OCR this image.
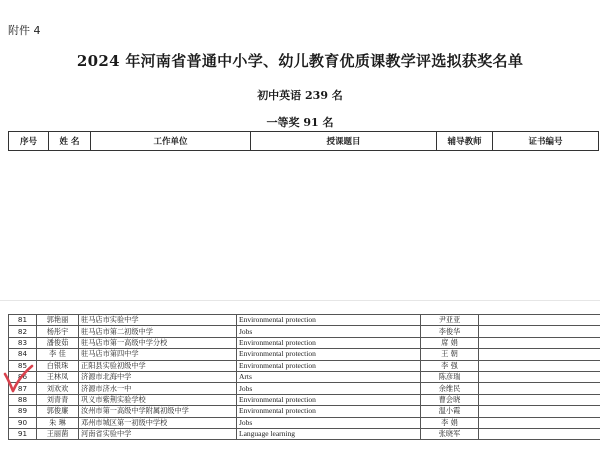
附件 4
2024 年河南省普通中小学、幼儿教育优质课教学评选拟获奖名单
初中英语 239 名
一等奖 91 名
序号	姓 名	工作单位	授课题目	辅导教师	证书编号
81	郭艳丽	驻马店市实验中学	Environmental protection	尹亚亚	
82	杨彤宇	驻马店市第二初级中学	Jobs	李俊华	
83	潘俊茹	驻马店市第一高级中学分校	Environmental protection	席 娟	
84	李 佳	驻马店市第四中学	Environmental protection	王 朝	
85	白银珠	正阳县实验初级中学	Environmental protection	李 强	
86	王林凤	济源市北海中学	Arts	陈彦瑞	
87	刘欢欢	济源市济水一中	Jobs	余维民	
88	刘青青	巩义市紫荆实验学校	Environmental protection	曹会晓	
89	郭俊廉	汝州市第一高级中学附属初级中学	Environmental protection	温小霞	
90	朱 琳	邓州市城区第一初级中学校	Jobs	李 娟	
91	王丽菌	河南省实验中学	Language learning	张晓军	
